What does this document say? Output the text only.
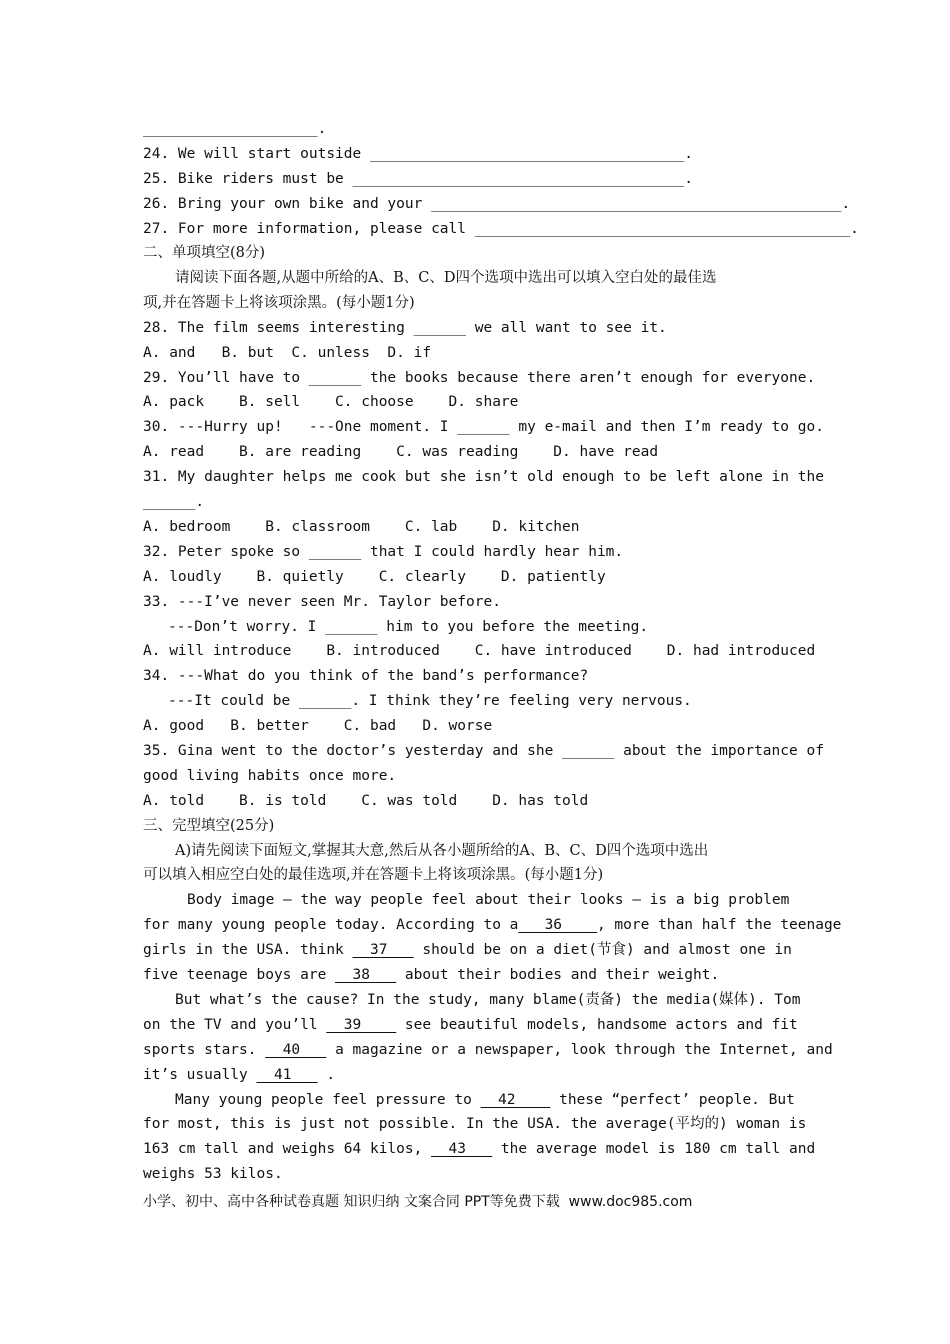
____________________.
24. We will start outside ____________________________________.
25. Bike riders must be ______________________________________.
26. Bring your own bike and your _______________________________________________.
27. For more information, please call ___________________________________________.
二、单项填空(8分)
请阅读下面各题,从题中所给的A、B、C、D四个选项中选出可以填入空白处的最佳选
项,并在答题卡上将该项涂黑。(每小题1分)
28. The film seems interesting ______ we all want to see it.
A. and   B. but  C. unless  D. if
29. You’ll have to ______ the books because there aren’t enough for everyone.
A. pack    B. sell    C. choose    D. share
30. ---Hurry up!   ---One moment. I ______ my e-mail and then I’m ready to go.
A. read    B. are reading    C. was reading    D. have read
31. My daughter helps me cook but she isn’t old enough to be left alone in the
______.
A. bedroom    B. classroom    C. lab    D. kitchen
32. Peter spoke so ______ that I could hardly hear him.
A. loudly    B. quietly    C. clearly    D. patiently
33. ---I’ve never seen Mr. Taylor before.
---Don’t worry. I ______ him to you before the meeting.
A. will introduce    B. introduced    C. have introduced    D. had introduced
34. ---What do you think of the band’s performance?
---It could be ______. I think they’re feeling very nervous.
A. good   B. better    C. bad   D. worse
35. Gina went to the doctor’s yesterday and she ______ about the importance of
good living habits once more.
A. told    B. is told    C. was told    D. has told
三、完型填空(25分)
A)请先阅读下面短文,掌握其大意,然后从各小题所给的A、B、C、D四个选项中选出
可以填入相应空白处的最佳选项,并在答题卡上将该项涂黑。(每小题1分)
Body image – the way people feel about their looks – is a big problem
for many young people today. According to a   36    , more than half the teenage
girls in the USA. think   37    should be on a diet(节食) and almost one in
five teenage boys are   38    about their bodies and their weight.
But what’s the cause? In the study, many blame(责备) the media(媒体). Tom
on the TV and you’ll   39     see beautiful models, handsome actors and fit
sports stars.   40    a magazine or a newspaper, look through the Internet, and
it’s usually   41    .
Many young people feel pressure to   42     these “perfect’ people. But
for most, this is just not possible. In the USA. the average(平均的) woman is
163 cm tall and weighs 64 kilos,   43    the average model is 180 cm tall and
weighs 53 kilos.
小学、初中、高中各种试卷真题 知识归纳 文案合同 PPT等免费下载  www.doc985.com
